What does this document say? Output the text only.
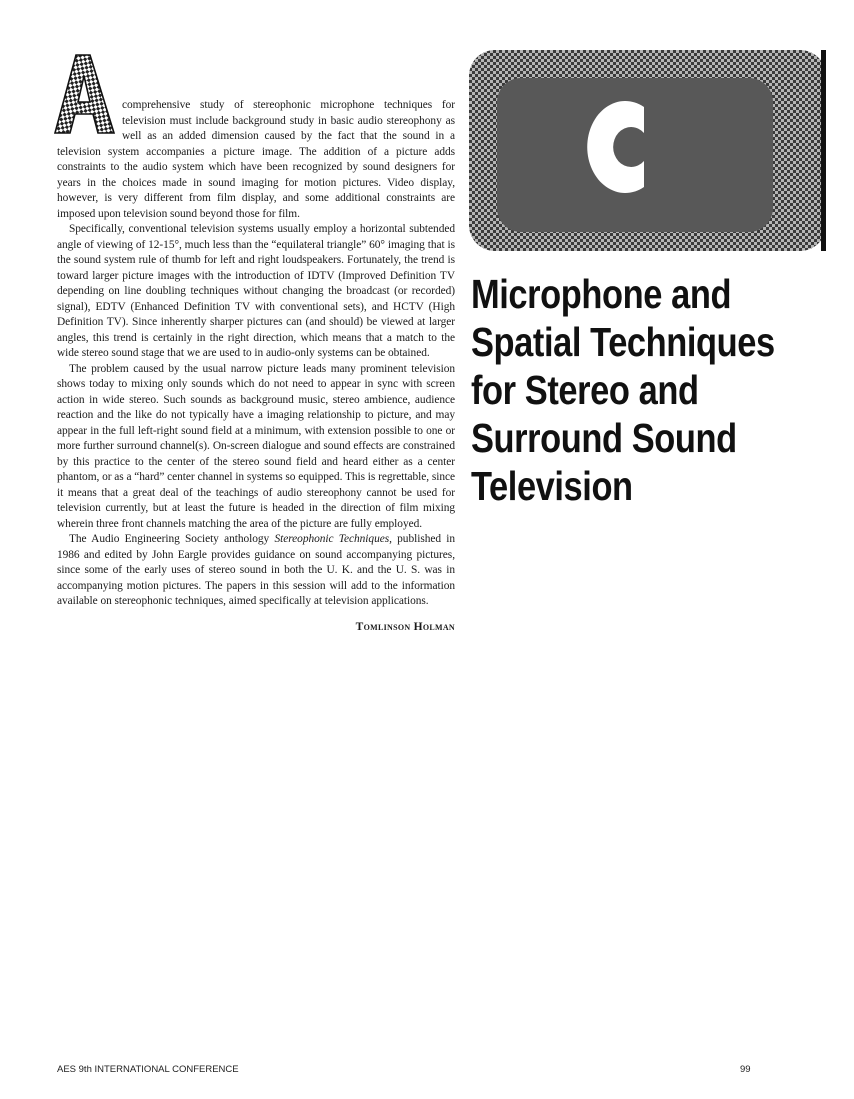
comprehensive study of stereophonic microphone techniques for television must include background study in basic audio stereophony as well as an added dimension caused by the fact that the sound in a television system accompanies a picture image. The addition of a picture adds constraints to the audio system which have been recognized by sound designers for years in the choices made in sound imaging for motion pictures. Video display, however, is very different from film display, and some additional constraints are imposed upon television sound beyond those for film.

Specifically, conventional television systems usually employ a horizontal subtended angle of viewing of 12-15°, much less than the “equilateral triangle” 60° imaging that is the sound system rule of thumb for left and right loudspeakers. Fortunately, the trend is toward larger picture images with the introduction of IDTV (Improved Definition TV depending on line doubling techniques without changing the broadcast (or recorded) signal), EDTV (Enhanced Definition TV with conventional sets), and HCTV (High Definition TV). Since inherently sharper pictures can (and should) be viewed at larger angles, this trend is certainly in the right direction, which means that a match to the wide stereo sound stage that we are used to in audio-only systems can be obtained.

The problem caused by the usual narrow picture leads many prominent television shows today to mixing only sounds which do not need to appear in sync with screen action in wide stereo. Such sounds as background music, stereo ambience, audience reaction and the like do not typically have a imaging relationship to picture, and may appear in the full left-right sound field at a minimum, with extension possible to one or more further surround channel(s). On-screen dialogue and sound effects are constrained by this practice to the center of the stereo sound field and heard either as a center phantom, or as a “hard” center channel in systems so equipped. This is regrettable, since it means that a great deal of the teachings of audio stereophony cannot be used for television currently, but at least the future is headed in the direction of film mixing wherein three front channels matching the area of the picture are fully employed.

The Audio Engineering Society anthology Stereophonic Techniques, published in 1986 and edited by John Eargle provides guidance on sound accompanying pictures, since some of the early uses of stereo sound in both the U. K. and the U. S. was in accompanying motion pictures. The papers in this session will add to the information available on stereophonic techniques, aimed specifically at television applications.

Tomlinson Holman
Microphone and
Spatial Techniques
for Stereo and
Surround Sound
Television
AES 9th INTERNATIONAL CONFERENCE	99
